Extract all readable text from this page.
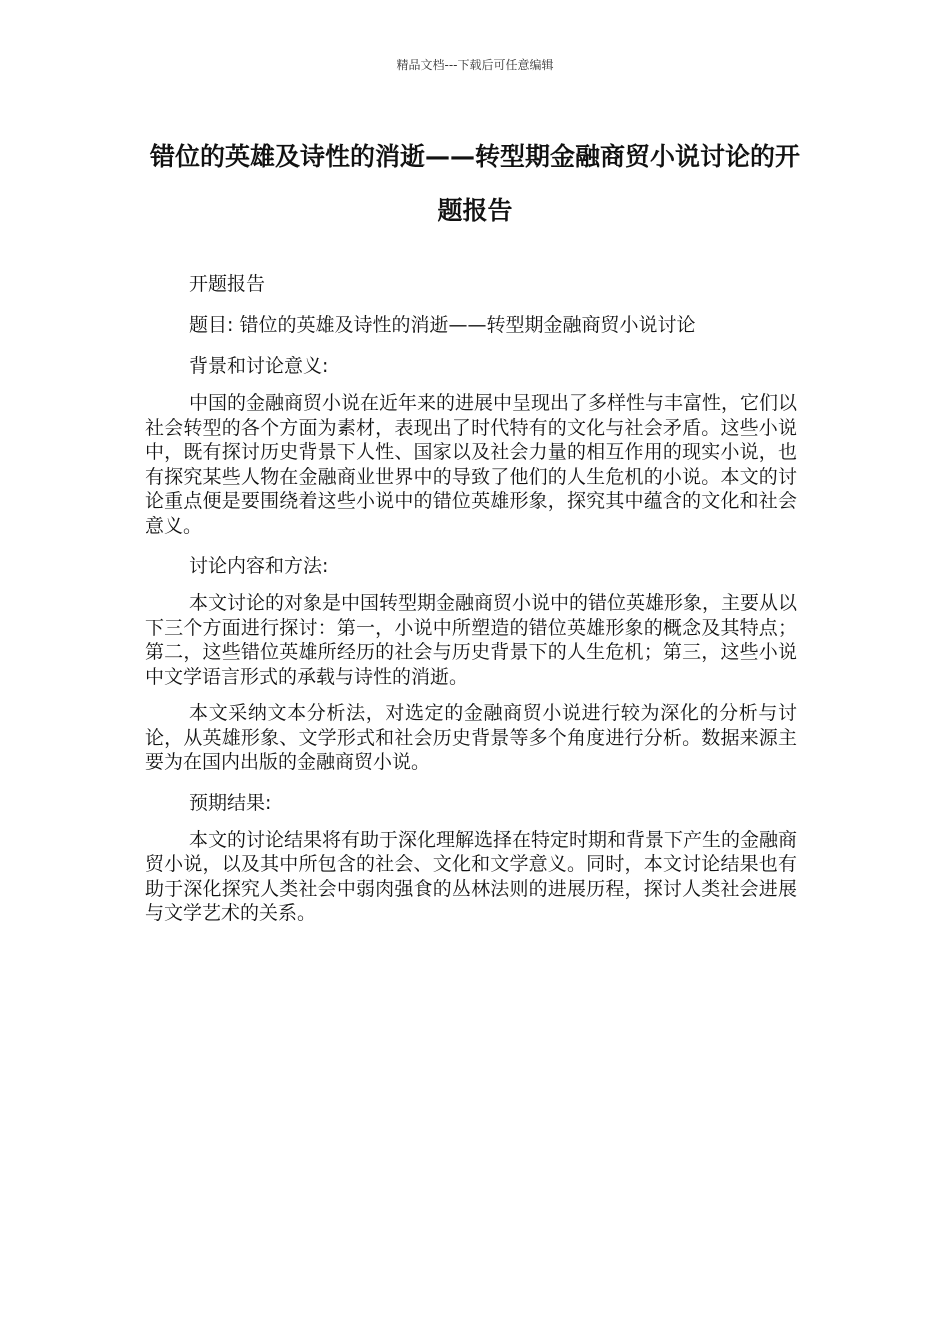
精品文档---下载后可任意编辑
错位的英雄及诗性的消逝——转型期金融商贸小说讨论的开题报告

开题报告

题目: 错位的英雄及诗性的消逝——转型期金融商贸小说讨论

背景和讨论意义:

中国的金融商贸小说在近年来的进展中呈现出了多样性与丰富性，它们以社会转型的各个方面为素材，表现出了时代特有的文化与社会矛盾。这些小说中，既有探讨历史背景下人性、国家以及社会力量的相互作用的现实小说，也有探究某些人物在金融商业世界中的导致了他们的人生危机的小说。本文的讨论重点便是要围绕着这些小说中的错位英雄形象，探究其中蕴含的文化和社会意义。

讨论内容和方法:

本文讨论的对象是中国转型期金融商贸小说中的错位英雄形象，主要从以下三个方面进行探讨：第一，小说中所塑造的错位英雄形象的概念及其特点；第二，这些错位英雄所经历的社会与历史背景下的人生危机；第三，这些小说中文学语言形式的承载与诗性的消逝。

本文采纳文本分析法，对选定的金融商贸小说进行较为深化的分析与讨论，从英雄形象、文学形式和社会历史背景等多个角度进行分析。数据来源主要为在国内出版的金融商贸小说。

预期结果:

本文的讨论结果将有助于深化理解选择在特定时期和背景下产生的金融商贸小说，以及其中所包含的社会、文化和文学意义。同时，本文讨论结果也有助于深化探究人类社会中弱肉强食的丛林法则的进展历程，探讨人类社会进展与文学艺术的关系。
